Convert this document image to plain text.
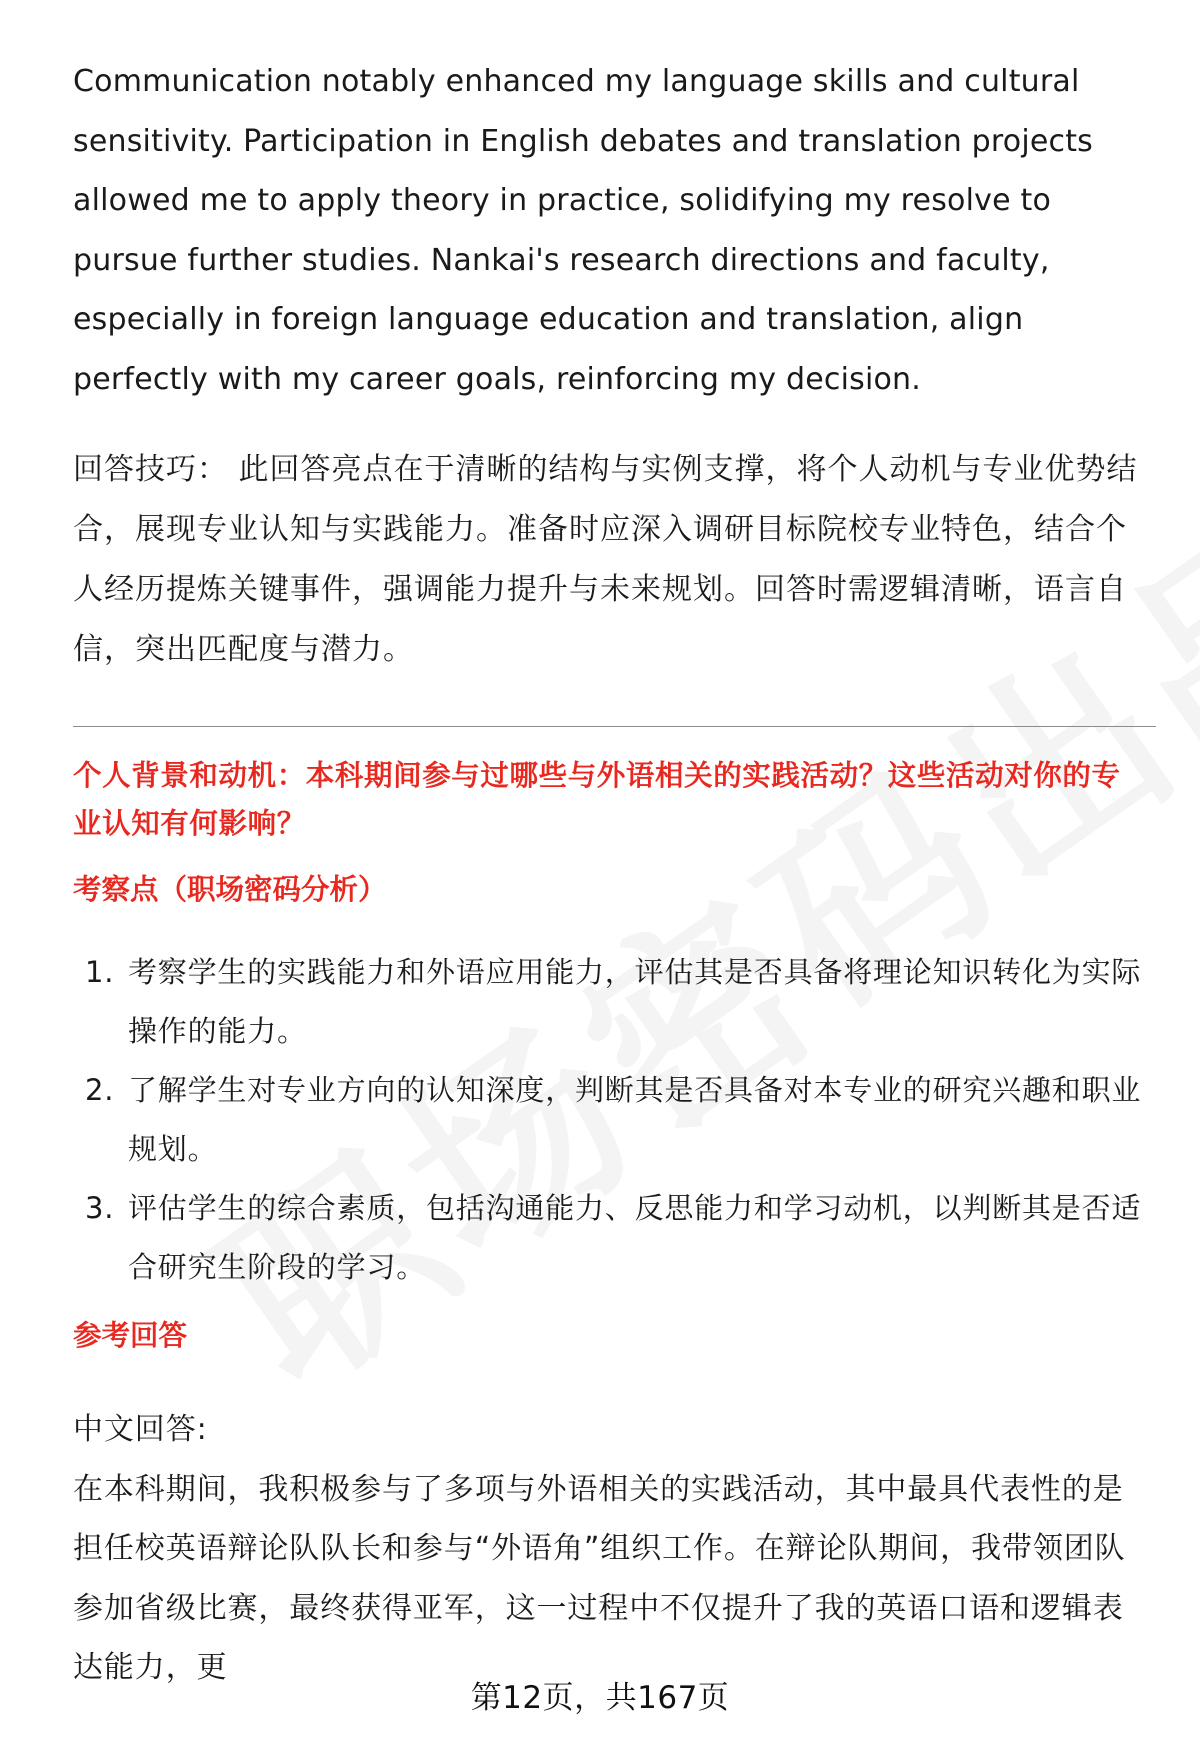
Communication notably enhanced my language skills and cultural sensitivity. Participation in English debates and translation projects allowed me to apply theory in practice, solidifying my resolve to pursue further studies. Nankai's research directions and faculty, especially in foreign language education and translation, align perfectly with my career goals, reinforcing my decision.

回答技巧： 此回答亮点在于清晰的结构与实例支撑，将个人动机与专业优势结合，展现专业认知与实践能力。准备时应深入调研目标院校专业特色，结合个人经历提炼关键事件，强调能力提升与未来规划。回答时需逻辑清晰，语言自信，突出匹配度与潜力。

个人背景和动机：本科期间参与过哪些与外语相关的实践活动？这些活动对你的专业认知有何影响？

考察点（职场密码分析）

1. 考察学生的实践能力和外语应用能力，评估其是否具备将理论知识转化为实际操作的能力。
2. 了解学生对专业方向的认知深度，判断其是否具备对本专业的研究兴趣和职业规划。
3. 评估学生的综合素质，包括沟通能力、反思能力和学习动机，以判断其是否适合研究生阶段的学习。

参考回答

中文回答:

在本科期间，我积极参与了多项与外语相关的实践活动，其中最具代表性的是担任校英语辩论队队长和参与“外语角”组织工作。在辩论队期间，我带领团队参加省级比赛，最终获得亚军，这一过程中不仅提升了我的英语口语和逻辑表达能力，更

第12页，共167页
